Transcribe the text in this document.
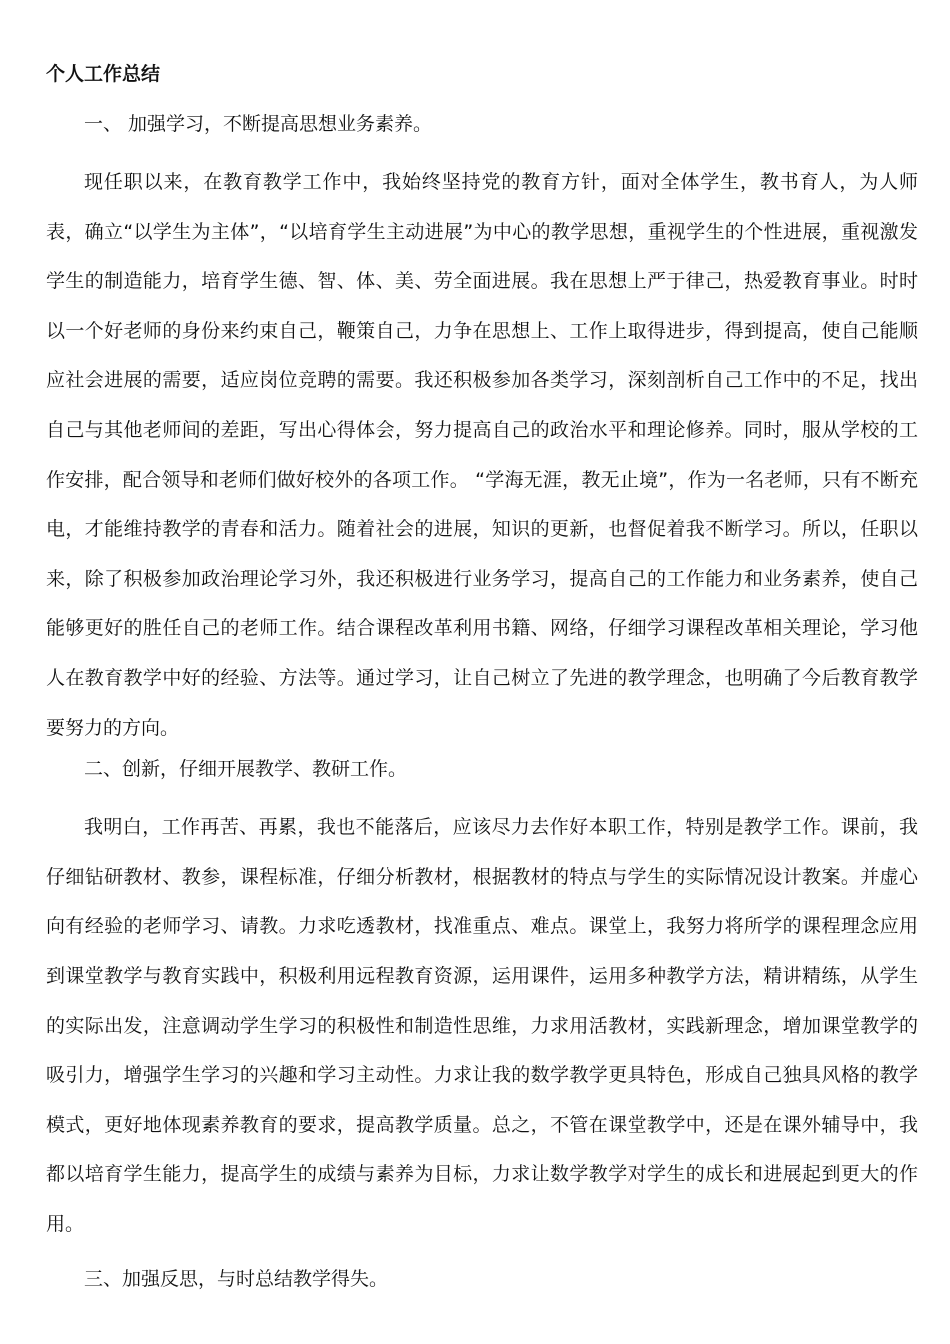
个人工作总结
一、 加强学习，不断提高思想业务素养。
现任职以来，在教育教学工作中，我始终坚持党的教育方针，面对全体学生，教书育人，为人师表，确立“以学生为主体”，“以培育学生主动进展”为中心的教学思想，重视学生的个性进展，重视激发学生的制造能力，培育学生德、智、体、美、劳全面进展。我在思想上严于律己，热爱教育事业。时时以一个好老师的身份来约束自己，鞭策自己，力争在思想上、工作上取得进步，得到提高，使自己能顺应社会进展的需要，适应岗位竞聘的需要。我还积极参加各类学习，深刻剖析自己工作中的不足，找出自己与其他老师间的差距，写出心得体会，努力提高自己的政治水平和理论修养。同时，服从学校的工作安排，配合领导和老师们做好校外的各项工作。 “学海无涯，教无止境”，作为一名老师，只有不断充电，才能维持教学的青春和活力。随着社会的进展，知识的更新，也督促着我不断学习。所以，任职以来，除了积极参加政治理论学习外，我还积极进行业务学习，提高自己的工作能力和业务素养，使自己能够更好的胜任自己的老师工作。结合课程改革利用书籍、网络，仔细学习课程改革相关理论，学习他人在教育教学中好的经验、方法等。通过学习，让自己树立了先进的教学理念，也明确了今后教育教学要努力的方向。
二、创新，仔细开展教学、教研工作。
我明白，工作再苦、再累，我也不能落后，应该尽力去作好本职工作，特别是教学工作。课前，我仔细钻研教材、教参，课程标准，仔细分析教材，根据教材的特点与学生的实际情况设计教案。并虚心向有经验的老师学习、请教。力求吃透教材，找准重点、难点。课堂上，我努力将所学的课程理念应用到课堂教学与教育实践中，积极利用远程教育资源，运用课件，运用多种教学方法，精讲精练，从学生的实际出发，注意调动学生学习的积极性和制造性思维，力求用活教材，实践新理念，增加课堂教学的吸引力，增强学生学习的兴趣和学习主动性。力求让我的数学教学更具特色，形成自己独具风格的教学模式，更好地体现素养教育的要求，提高教学质量。总之，不管在课堂教学中，还是在课外辅导中，我都以培育学生能力，提高学生的成绩与素养为目标，力求让数学教学对学生的成长和进展起到更大的作用。
三、加强反思，与时总结教学得失。
